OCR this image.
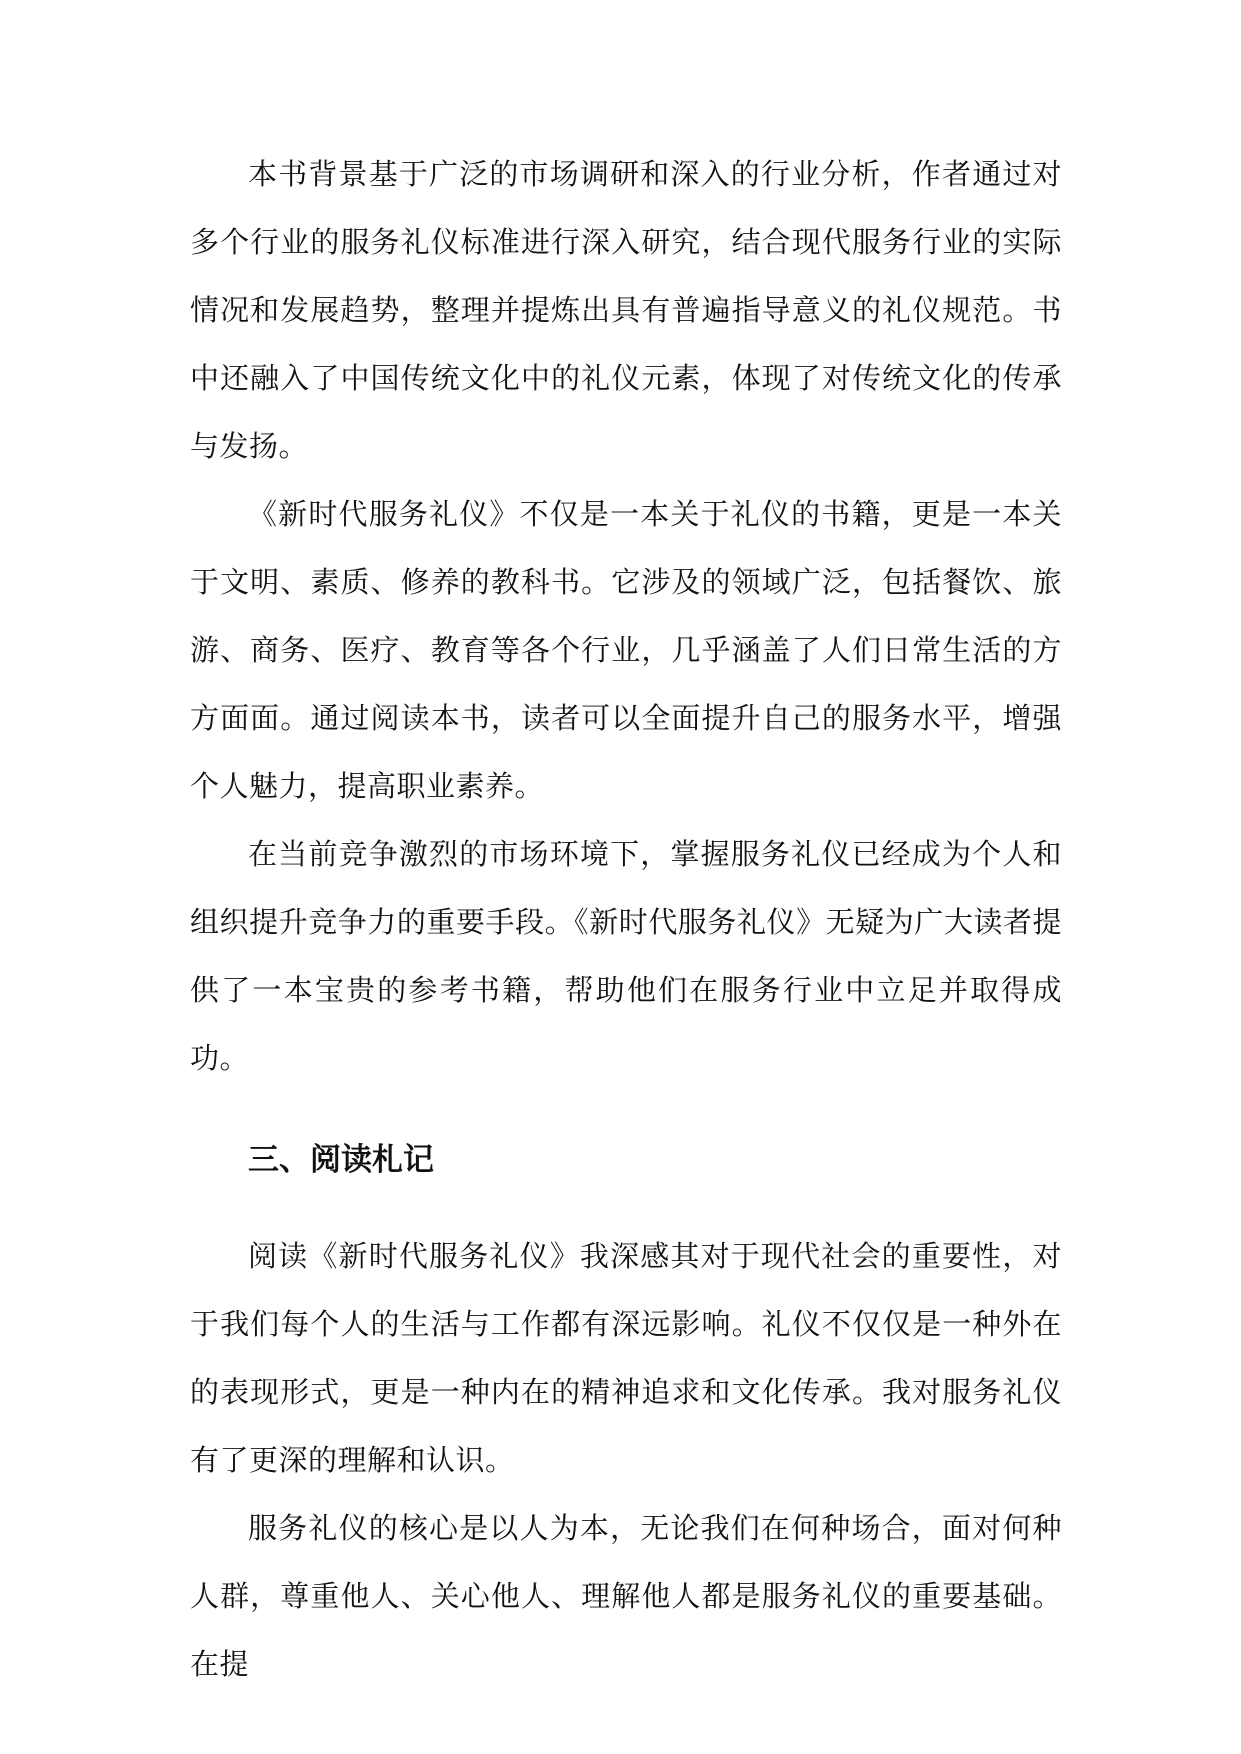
本书背景基于广泛的市场调研和深入的行业分析，作者通过对多个行业的服务礼仪标准进行深入研究，结合现代服务行业的实际情况和发展趋势，整理并提炼出具有普遍指导意义的礼仪规范。书中还融入了中国传统文化中的礼仪元素，体现了对传统文化的传承与发扬。

《新时代服务礼仪》不仅是一本关于礼仪的书籍，更是一本关于文明、素质、修养的教科书。它涉及的领域广泛，包括餐饮、旅游、商务、医疗、教育等各个行业，几乎涵盖了人们日常生活的方方面面。通过阅读本书，读者可以全面提升自己的服务水平，增强个人魅力，提高职业素养。

在当前竞争激烈的市场环境下，掌握服务礼仪已经成为个人和组织提升竞争力的重要手段。《新时代服务礼仪》无疑为广大读者提供了一本宝贵的参考书籍，帮助他们在服务行业中立足并取得成功。

三、阅读札记

阅读《新时代服务礼仪》我深感其对于现代社会的重要性，对于我们每个人的生活与工作都有深远影响。礼仪不仅仅是一种外在的表现形式，更是一种内在的精神追求和文化传承。我对服务礼仪有了更深的理解和认识。

服务礼仪的核心是以人为本，无论我们在何种场合，面对何种人群，尊重他人、关心他人、理解他人都是服务礼仪的重要基础。在提
